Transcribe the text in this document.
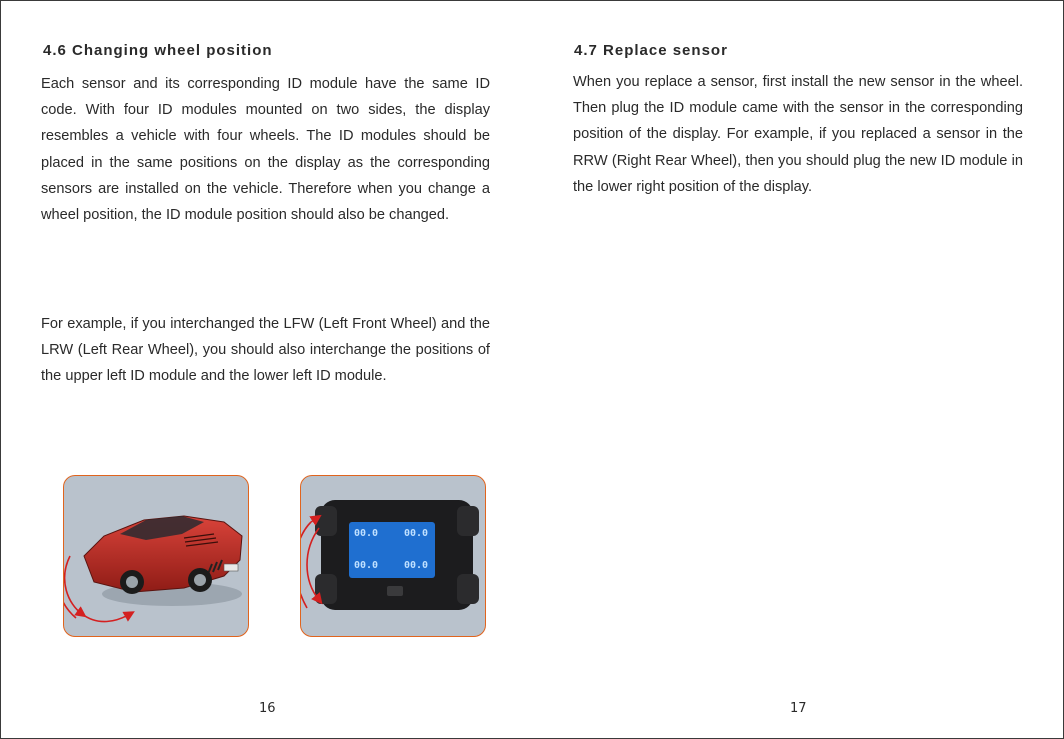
4.6 Changing wheel position

Each sensor and its corresponding ID module have the same ID code. With four ID modules mounted on two sides, the display resembles a vehicle with four wheels. The ID modules should be placed in the same positions on the display as the corresponding sensors are installed on the vehicle. Therefore when you change a wheel position, the ID module position should also be changed.

For example, if you interchanged the LFW (Left Front Wheel) and the LRW (Left Rear Wheel), you should also interchange the positions of the upper left ID module and the lower left ID module.

00.0	00.0
00.0	00.0
16
4.7 Replace sensor

When you replace a sensor, first install the new sensor in the wheel. Then plug the ID module came with the sensor in the corresponding position of the display. For example, if you replaced a sensor in the RRW (Right Rear Wheel), then you should plug the new ID module in the lower right position of the display.

17
